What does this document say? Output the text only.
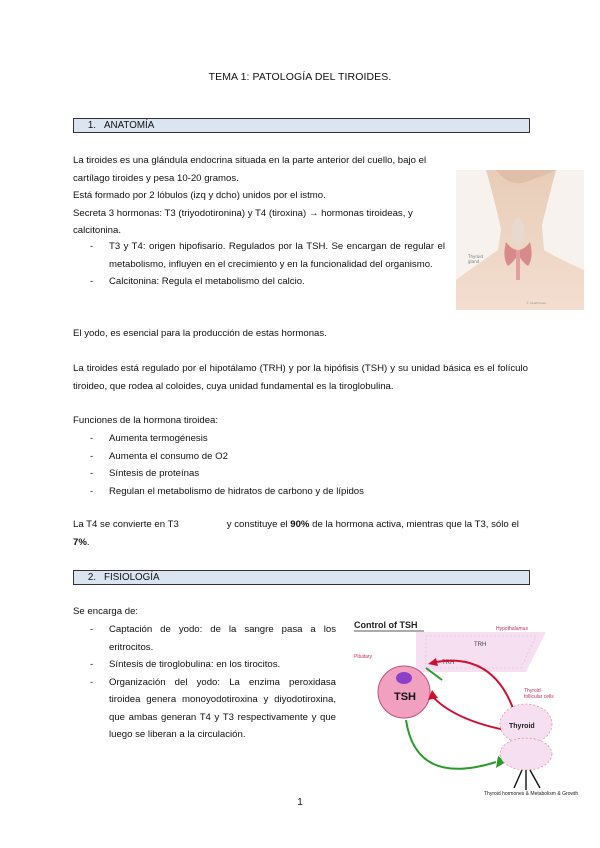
TEMA 1: PATOLOGÍA DEL TIROIDES.
1. ANATOMÍA
La tiroides es una glándula endocrina situada en la parte anterior del cuello, bajo el
cartílago tiroides y pesa 10-20 gramos.
Está formado por 2 lóbulos (izq y dcho) unidos por el istmo.
Secreta 3 hormonas: T3 (triyodotironina) y T4 (tiroxina) → hormonas tiroideas, y
calcitonina.
Thyroid
gland
© healthwise
- T3 y T4: origen hipofisario. Regulados por la TSH. Se encargan de regular el metabolismo, influyen en el crecimiento y en la funcionalidad del organismo.
- Calcitonina: Regula el metabolismo del calcio.
El yodo, es esencial para la producción de estas hormonas.
La tiroides está regulado por el hipotálamo (TRH) y por la hipófisis (TSH) y su unidad básica es el folículo tiroideo, que rodea al coloides, cuya unidad fundamental es la tiroglobulina.
Funciones de la hormona tiroidea:
- Aumenta termogénesis
- Aumenta el consumo de O2
- Síntesis de proteínas
- Regulan el metabolismo de hidratos de carbono y de lípidos
La T4 se convierte en T3	y constituye el 90% de la hormona activa, mientras que la T3, sólo el
7%.
2. FISIOLOGÍA
Se encarga de:
- Captación de yodo: de la sangre pasa a los eritrocitos.
- Síntesis de tiroglobulina: en los tirocitos.
- Organización del yodo: La enzima peroxidasa tiroidea genera monoyodotiroxina y diyodotiroxina, que ambas generan T4 y T3 respectivamente y que luego se liberan a la circulación.
Control of TSH	Hypothalamus
TRH
TRH
Pituitary
TSH	Thyroid
follicular cells
Thyroid
Thyroid hormones & Metabolism & Growth
1
